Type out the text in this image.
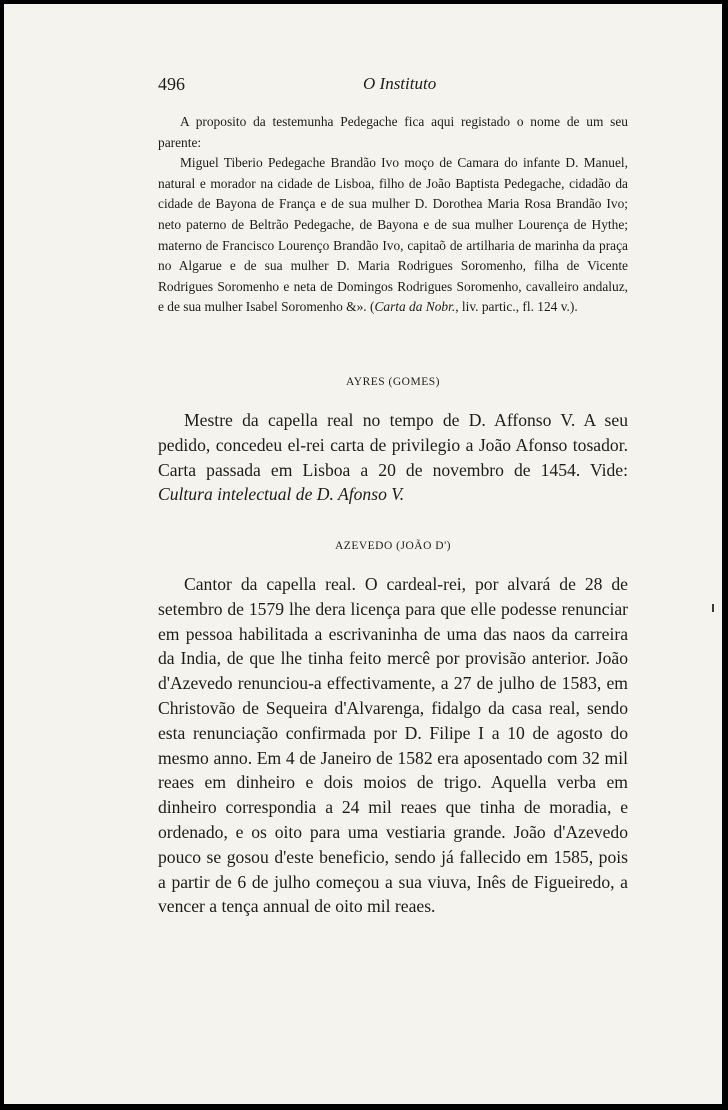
496	O Instituto

A proposito da testemunha Pedegache fica aqui registado o nome de um seu parente:

Miguel Tiberio Pedegache Brandão Ivo moço de Camara do infante D. Manuel, natural e morador na cidade de Lisboa, filho de João Baptista Pedegache, cidadão da cidade de Bayona de França e de sua mulher D. Dorothea Maria Rosa Brandão Ivo; neto paterno de Beltrão Pedegache, de Bayona e de sua mulher Lourença de Hythe; materno de Francisco Lourenço Brandão Ivo, capitaõ de artilharia de marinha da praça no Algarue e de sua mulher D. Maria Rodrigues Soromenho, filha de Vicente Rodrigues Soromenho e neta de Domingos Rodrigues Soromenho, cavalleiro andaluz, e de sua mulher Isabel Soromenho &». (Carta da Nobr., liv. partic., fl. 124 v.).

AYRES (GOMES)

Mestre da capella real no tempo de D. Affonso V. A seu pedido, concedeu el-rei carta de privilegio a João Afonso tosador. Carta passada em Lisboa a 20 de novembro de 1454. Vide: Cultura intelectual de D. Afonso V.

AZEVEDO (JOÃO D')

Cantor da capella real. O cardeal-rei, por alvará de 28 de setembro de 1579 lhe dera licença para que elle podesse renunciar em pessoa habilitada a escrivaninha de uma das naos da carreira da India, de que lhe tinha feito mercê por provisão anterior. João d'Azevedo renunciou-a effectivamente, a 27 de julho de 1583, em Christovão de Sequeira d'Alvarenga, fidalgo da casa real, sendo esta renunciação confirmada por D. Filipe I a 10 de agosto do mesmo anno. Em 4 de Janeiro de 1582 era aposentado com 32 mil reaes em dinheiro e dois moios de trigo. Aquella verba em dinheiro correspondia a 24 mil reaes que tinha de moradia, e ordenado, e os oito para uma vestiaria grande. João d'Azevedo pouco se gosou d'este beneficio, sendo já fallecido em 1585, pois a partir de 6 de julho começou a sua viuva, Inês de Figueiredo, a vencer a tença annual de oito mil reaes.
